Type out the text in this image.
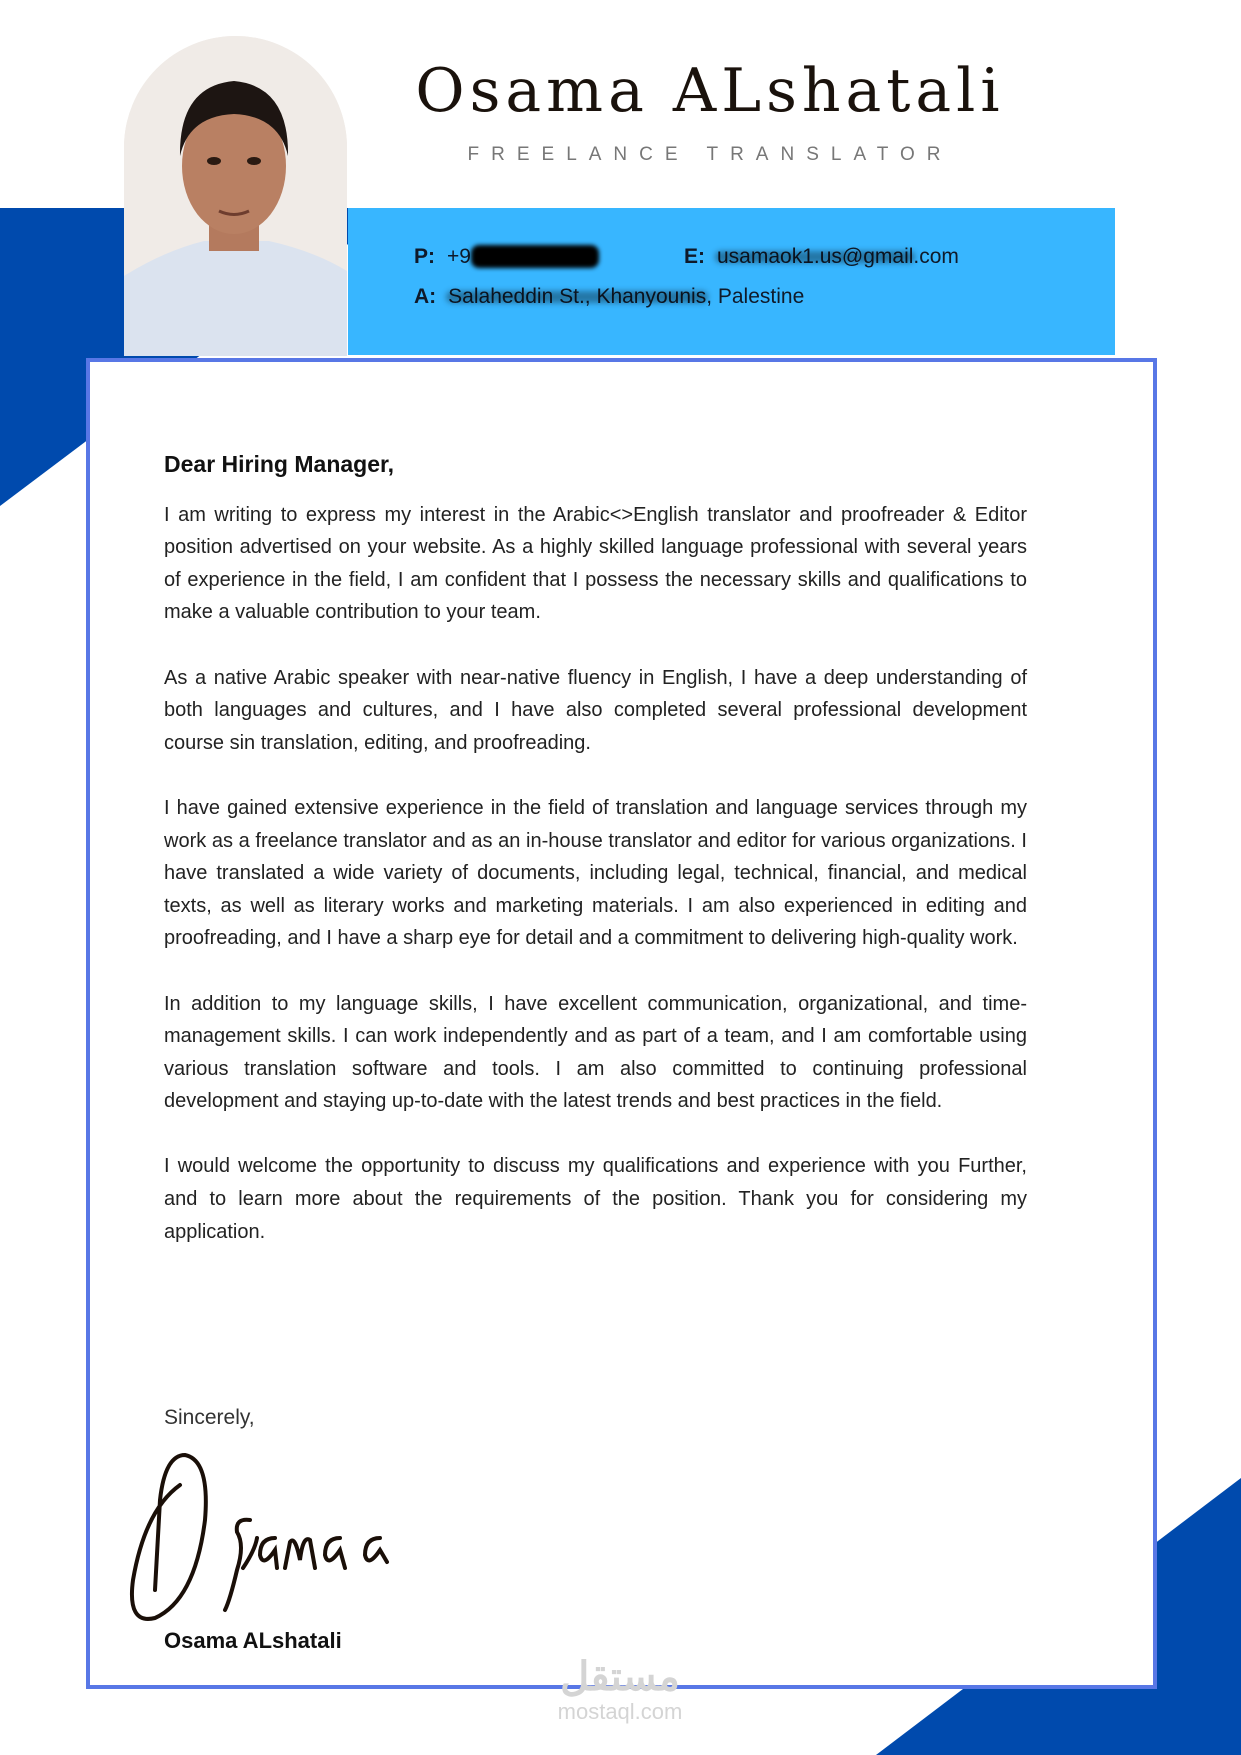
Osama ALshatali
FREELANCE TRANSLATOR
P: +9	E: usamaok1.us@gmail.com
A: Salaheddin St., Khanyounis, Palestine
Dear Hiring Manager,

I am writing to express my interest in the Arabic<>English translator and proofreader & Editor position advertised on your website. As a highly skilled language professional with several years of experience in the field, I am confident that I possess the necessary skills and qualifications to make a valuable contribution to your team.

As a native Arabic speaker with near-native fluency in English, I have a deep understanding of both languages and cultures, and I have also completed several professional development course sin translation, editing, and proofreading.

I have gained extensive experience in the field of translation and language services through my work as a freelance translator and as an in-house translator and editor for various organizations. I have translated a wide variety of documents, including legal, technical, financial, and medical texts, as well as literary works and marketing materials. I am also experienced in editing and proofreading, and I have a sharp eye for detail and a commitment to delivering high-quality work.

In addition to my language skills, I have excellent communication, organizational, and time-management skills. I can work independently and as part of a team, and I am comfortable using various translation software and tools. I am also committed to continuing professional development and staying up-to-date with the latest trends and best practices in the field.

I would welcome the opportunity to discuss my qualifications and experience with you Further, and to learn more about the requirements of the position. Thank you for considering my application.

Sincerely,
Osama ALshatali
مستقل
mostaql.com
